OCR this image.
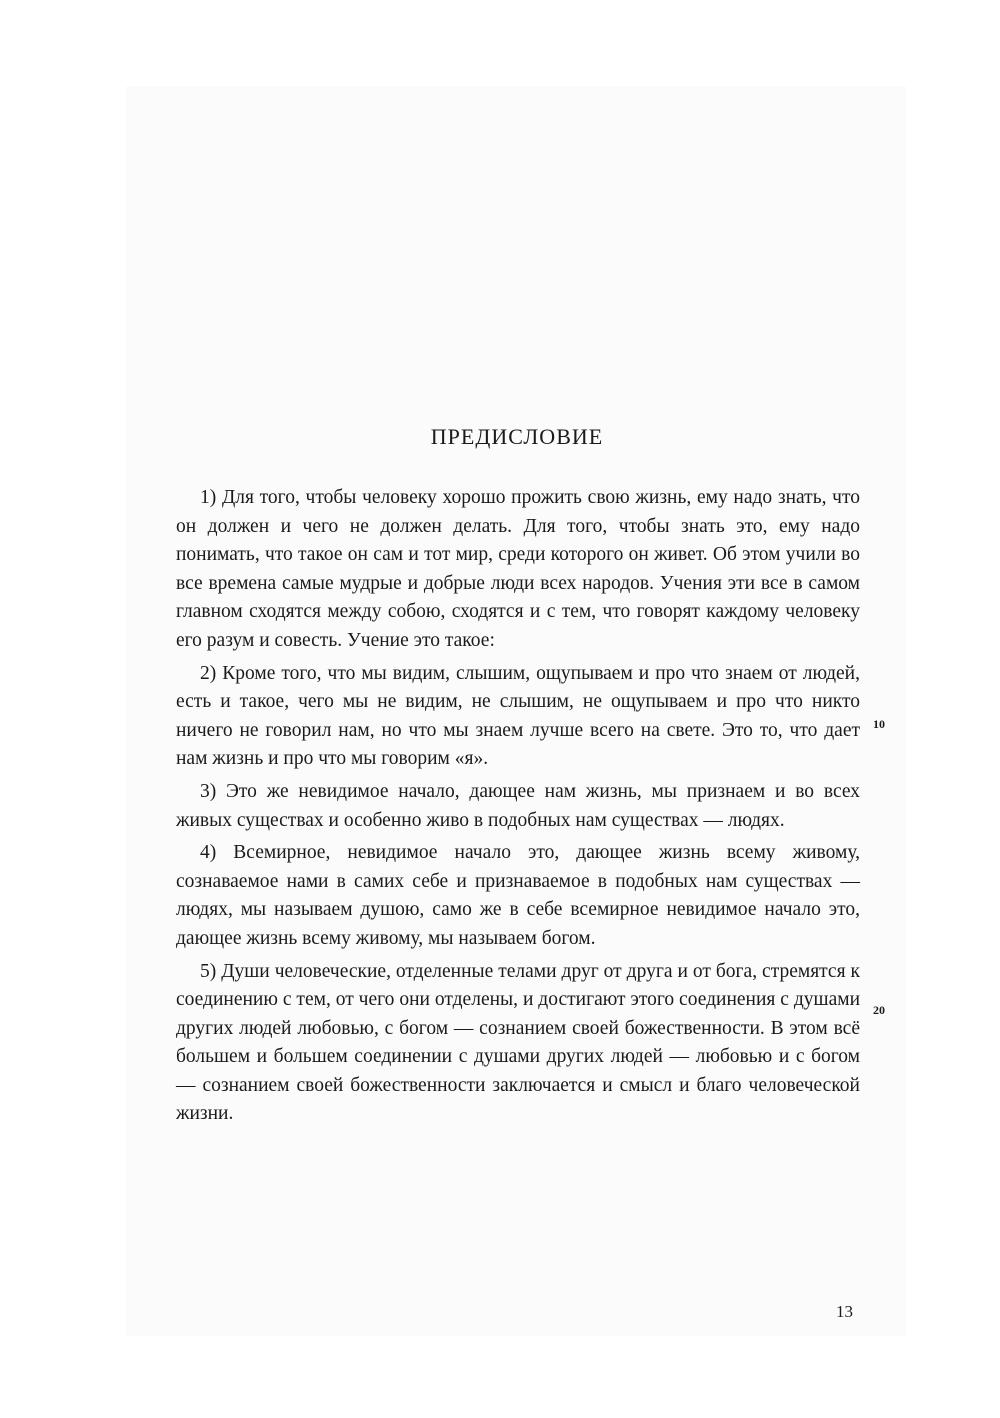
ПРЕДИСЛОВИЕ

1) Для того, чтобы человеку хорошо прожить свою жизнь, ему надо знать, что он должен и чего не должен делать. Для того, чтобы знать это, ему надо понимать, что такое он сам и тот мир, среди которого он живет. Об этом учили во все времена самые мудрые и добрые люди всех народов. Учения эти все в самом главном сходятся между собою, сходятся и с тем, что говорят каждому человеку его разум и совесть. Учение это такое:

2) Кроме того, что мы видим, слышим, ощупываем и про что знаем от людей, есть и такое, чего мы не видим, не слышим, не ощупываем и про что никто ничего не говорил нам, но что мы знаем лучше всего на свете. Это то, что дает нам жизнь и про что мы говорим «я».

3) Это же невидимое начало, дающее нам жизнь, мы признаем и во всех живых существах и особенно живо в подобных нам существах — людях.

4) Всемирное, невидимое начало это, дающее жизнь всему живому, сознаваемое нами в самих себе и признаваемое в подобных нам существах — людях, мы называем душою, само же в себе всемирное невидимое начало это, дающее жизнь всему живому, мы называем богом.

5) Души человеческие, отделенные телами друг от друга и от бога, стремятся к соединению с тем, от чего они отделены, и достигают этого соединения с душами других людей любовью, с богом — сознанием своей божественности. В этом всё большем и большем соединении с душами других людей — любовью и с богом — сознанием своей божественности заключается и смысл и благо человеческой жизни.

10
20
13
